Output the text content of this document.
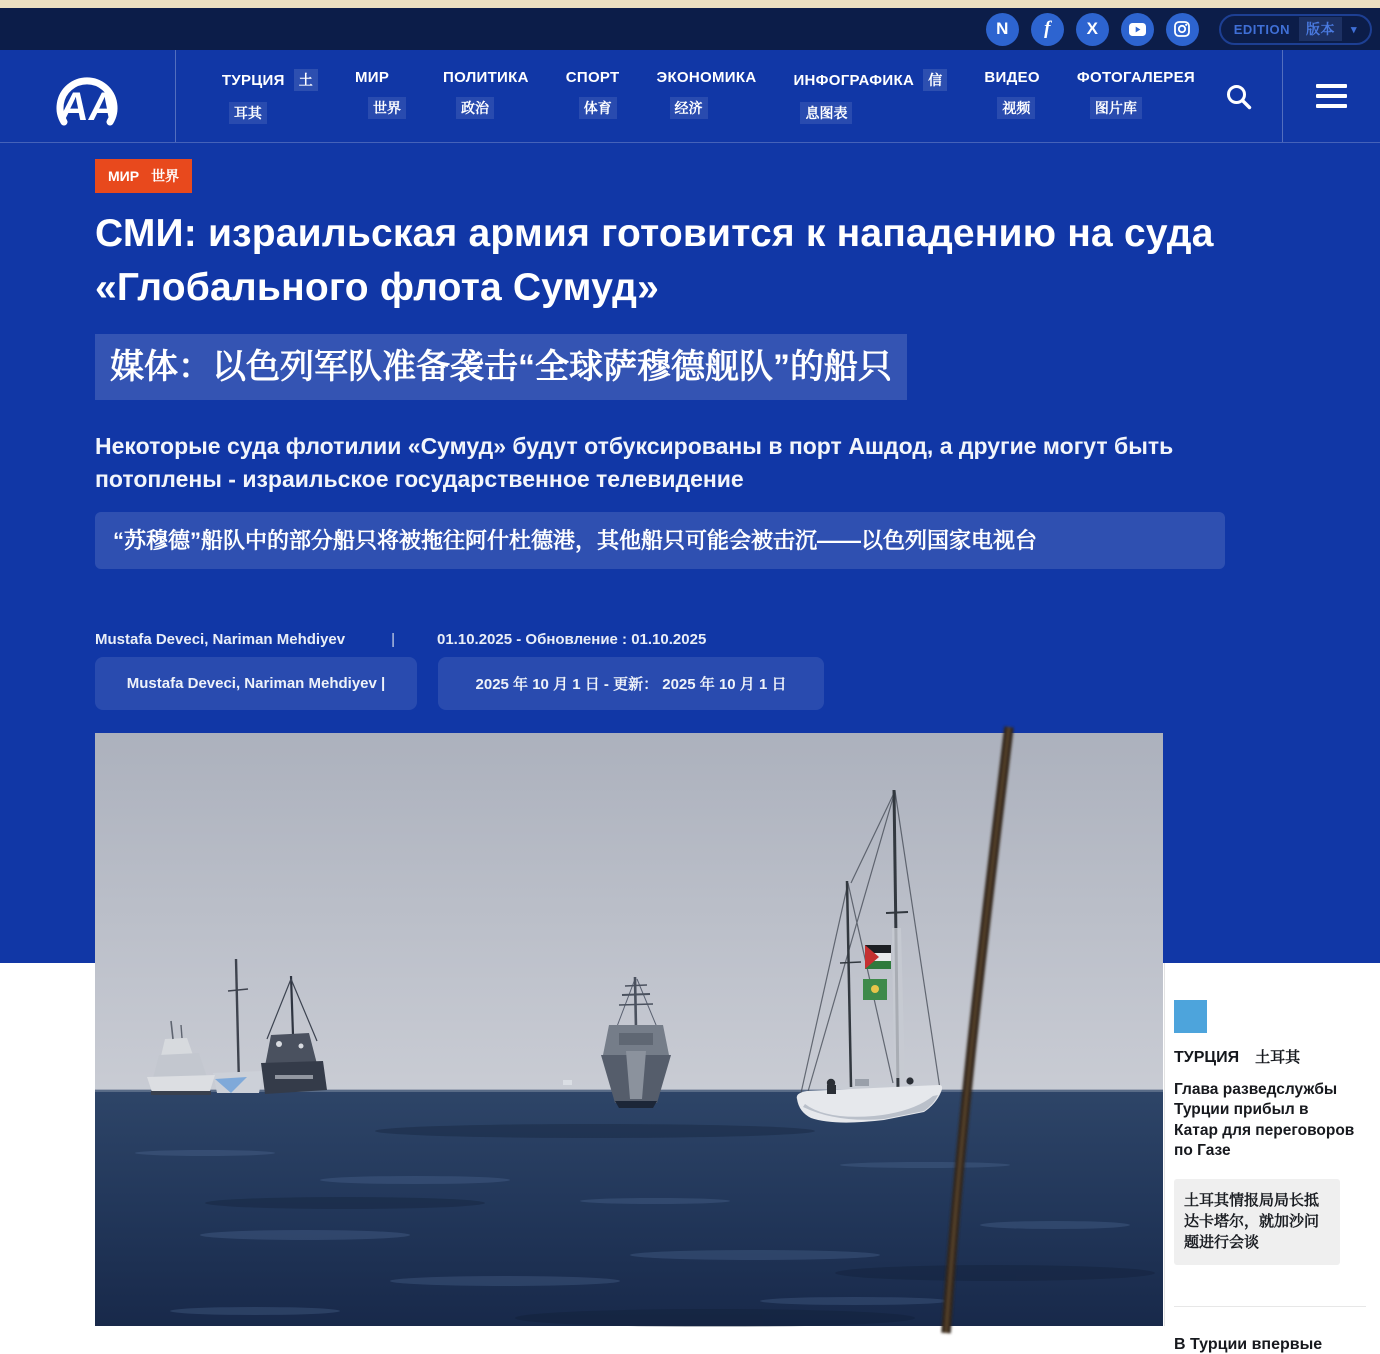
N f X	EDITION	版本	▾
AA
ТУРЦИЯ	土
耳其
МИР
世界
ПОЛИТИКА
政治
СПОРТ
体育
ЭКОНОМИКА
经济
ИНФОГРАФИКА	信
息图表
ВИДЕО
视频
ФОТОГАЛЕРЕЯ
图片库
МИР 世界
СМИ: израильская армия готовится к нападению на суда «Глобального флота Сумуд»
媒体：以色列军队准备袭击“全球萨穆德舰队”的船只
Некоторые суда флотилии «Сумуд» будут отбуксированы в порт Ашдод, а другие могут быть потоплены - израильское государственное телевидение
“苏穆德”船队中的部分船只将被拖往阿什杜德港，其他船只可能会被击沉——以色列国家电视台
Mustafa Deveci, Nariman Mehdiyev	|	01.10.2025 - Обновление : 01.10.2025
Mustafa Deveci, Nariman Mehdiyev |	2025 年 10 月 1 日 - 更新： 2025 年 10 月 1 日
ТУРЦИЯ 土耳其
Глава разведслужбы Турции прибыл в Катар для переговоров по Газе
土耳其情报局局长抵达卡塔尔，就加沙问题进行会谈
В Турции впервые
